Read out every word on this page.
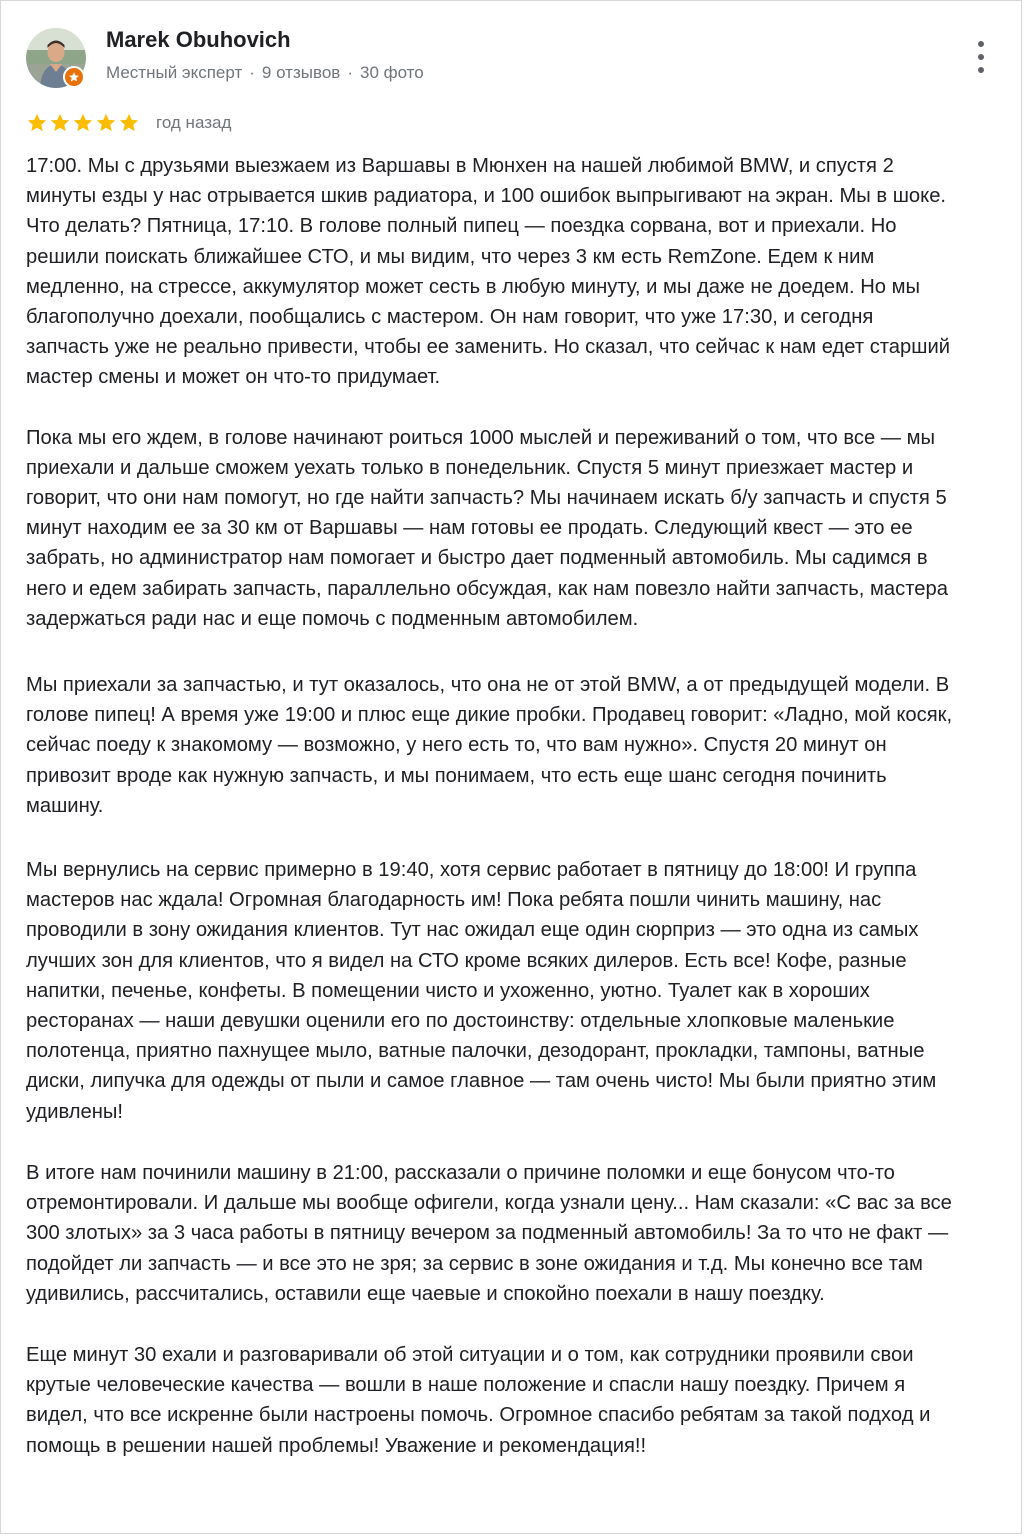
Marek Obuhovich
Местный эксперт · 9 отзывов · 30 фото
год назад

17:00. Мы с друзьями выезжаем из Варшавы в Мюнхен на нашей любимой BMW, и спустя 2 минуты езды у нас отрывается шкив радиатора, и 100 ошибок выпрыгивают на экран. Мы в шоке. Что делать? Пятница, 17:10. В голове полный пипец — поездка сорвана, вот и приехали. Но решили поискать ближайшее СТО, и мы видим, что через 3 км есть RemZone. Едем к ним медленно, на стрессе, аккумулятор может сесть в любую минуту, и мы даже не доедем. Но мы благополучно доехали, пообщались с мастером. Он нам говорит, что уже 17:30, и сегодня запчасть уже не реально привести, чтобы ее заменить. Но сказал, что сейчас к нам едет старший мастер смены и может он что-то придумает.

Пока мы его ждем, в голове начинают роиться 1000 мыслей и переживаний о том, что все — мы приехали и дальше сможем уехать только в понедельник. Спустя 5 минут приезжает мастер и говорит, что они нам помогут, но где найти запчасть? Мы начинаем искать б/у запчасть и спустя 5 минут находим ее за 30 км от Варшавы — нам готовы ее продать. Следующий квест — это ее забрать, но администратор нам помогает и быстро дает подменный автомобиль. Мы садимся в него и едем забирать запчасть, параллельно обсуждая, как нам повезло найти запчасть, мастера задержаться ради нас и еще помочь с подменным автомобилем.

Мы приехали за запчастью, и тут оказалось, что она не от этой BMW, а от предыдущей модели. В голове пипец! А время уже 19:00 и плюс еще дикие пробки. Продавец говорит: «Ладно, мой косяк, сейчас поеду к знакомому — возможно, у него есть то, что вам нужно». Спустя 20 минут он привозит вроде как нужную запчасть, и мы понимаем, что есть еще шанс сегодня починить машину.

Мы вернулись на сервис примерно в 19:40, хотя сервис работает в пятницу до 18:00! И группа мастеров нас ждала! Огромная благодарность им! Пока ребята пошли чинить машину, нас проводили в зону ожидания клиентов. Тут нас ожидал еще один сюрприз — это одна из самых лучших зон для клиентов, что я видел на СТО кроме всяких дилеров. Есть все! Кофе, разные напитки, печенье, конфеты. В помещении чисто и ухоженно, уютно. Туалет как в хороших ресторанах — наши девушки оценили его по достоинству: отдельные хлопковые маленькие полотенца, приятно пахнущее мыло, ватные палочки, дезодорант, прокладки, тампоны, ватные диски, липучка для одежды от пыли и самое главное — там очень чисто! Мы были приятно этим удивлены!

В итоге нам починили машину в 21:00, рассказали о причине поломки и еще бонусом что-то отремонтировали. И дальше мы вообще офигели, когда узнали цену... Нам сказали: «С вас за все 300 злотых» за 3 часа работы в пятницу вечером за подменный автомобиль! За то что не факт — подойдет ли запчасть — и все это не зря; за сервис в зоне ожидания и т.д. Мы конечно все там удивились, рассчитались, оставили еще чаевые и спокойно поехали в нашу поездку.

Еще минут 30 ехали и разговаривали об этой ситуации и о том, как сотрудники проявили свои крутые человеческие качества — вошли в наше положение и спасли нашу поездку. Причем я видел, что все искренне были настроены помочь. Огромное спасибо ребятам за такой подход и помощь в решении нашей проблемы! Уважение и рекомендация!!
